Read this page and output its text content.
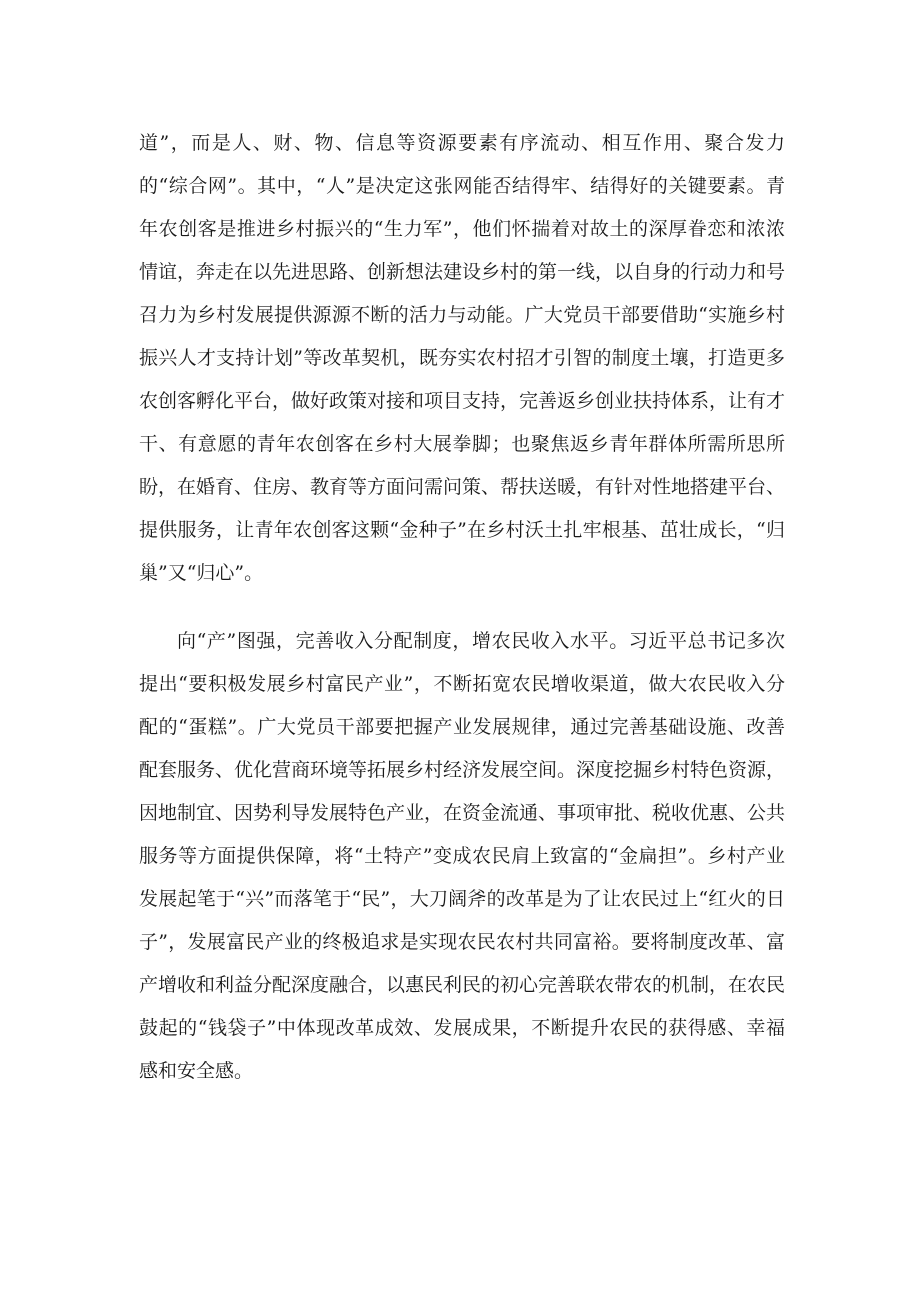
道”，而是人、财、物、信息等资源要素有序流动、相互作用、聚合发力的“综合网”。其中，“人”是决定这张网能否结得牢、结得好的关键要素。青年农创客是推进乡村振兴的“生力军”，他们怀揣着对故土的深厚眷恋和浓浓情谊，奔走在以先进思路、创新想法建设乡村的第一线，以自身的行动力和号召力为乡村发展提供源源不断的活力与动能。广大党员干部要借助“实施乡村振兴人才支持计划”等改革契机，既夯实农村招才引智的制度土壤，打造更多农创客孵化平台，做好政策对接和项目支持，完善返乡创业扶持体系，让有才干、有意愿的青年农创客在乡村大展拳脚；也聚焦返乡青年群体所需所思所盼，在婚育、住房、教育等方面问需问策、帮扶送暖，有针对性地搭建平台、提供服务，让青年农创客这颗“金种子”在乡村沃土扎牢根基、茁壮成长，“归巢”又“归心”。

向“产”图强，完善收入分配制度，增农民收入水平。习近平总书记多次提出“要积极发展乡村富民产业”，不断拓宽农民增收渠道，做大农民收入分配的“蛋糕”。广大党员干部要把握产业发展规律，通过完善基础设施、改善配套服务、优化营商环境等拓展乡村经济发展空间。深度挖掘乡村特色资源，因地制宜、因势利导发展特色产业，在资金流通、事项审批、税收优惠、公共服务等方面提供保障，将“土特产”变成农民肩上致富的“金扁担”。乡村产业发展起笔于“兴”而落笔于“民”，大刀阔斧的改革是为了让农民过上“红火的日子”，发展富民产业的终极追求是实现农民农村共同富裕。要将制度改革、富产增收和利益分配深度融合，以惠民利民的初心完善联农带农的机制，在农民鼓起的“钱袋子”中体现改革成效、发展成果，不断提升农民的获得感、幸福感和安全感。
